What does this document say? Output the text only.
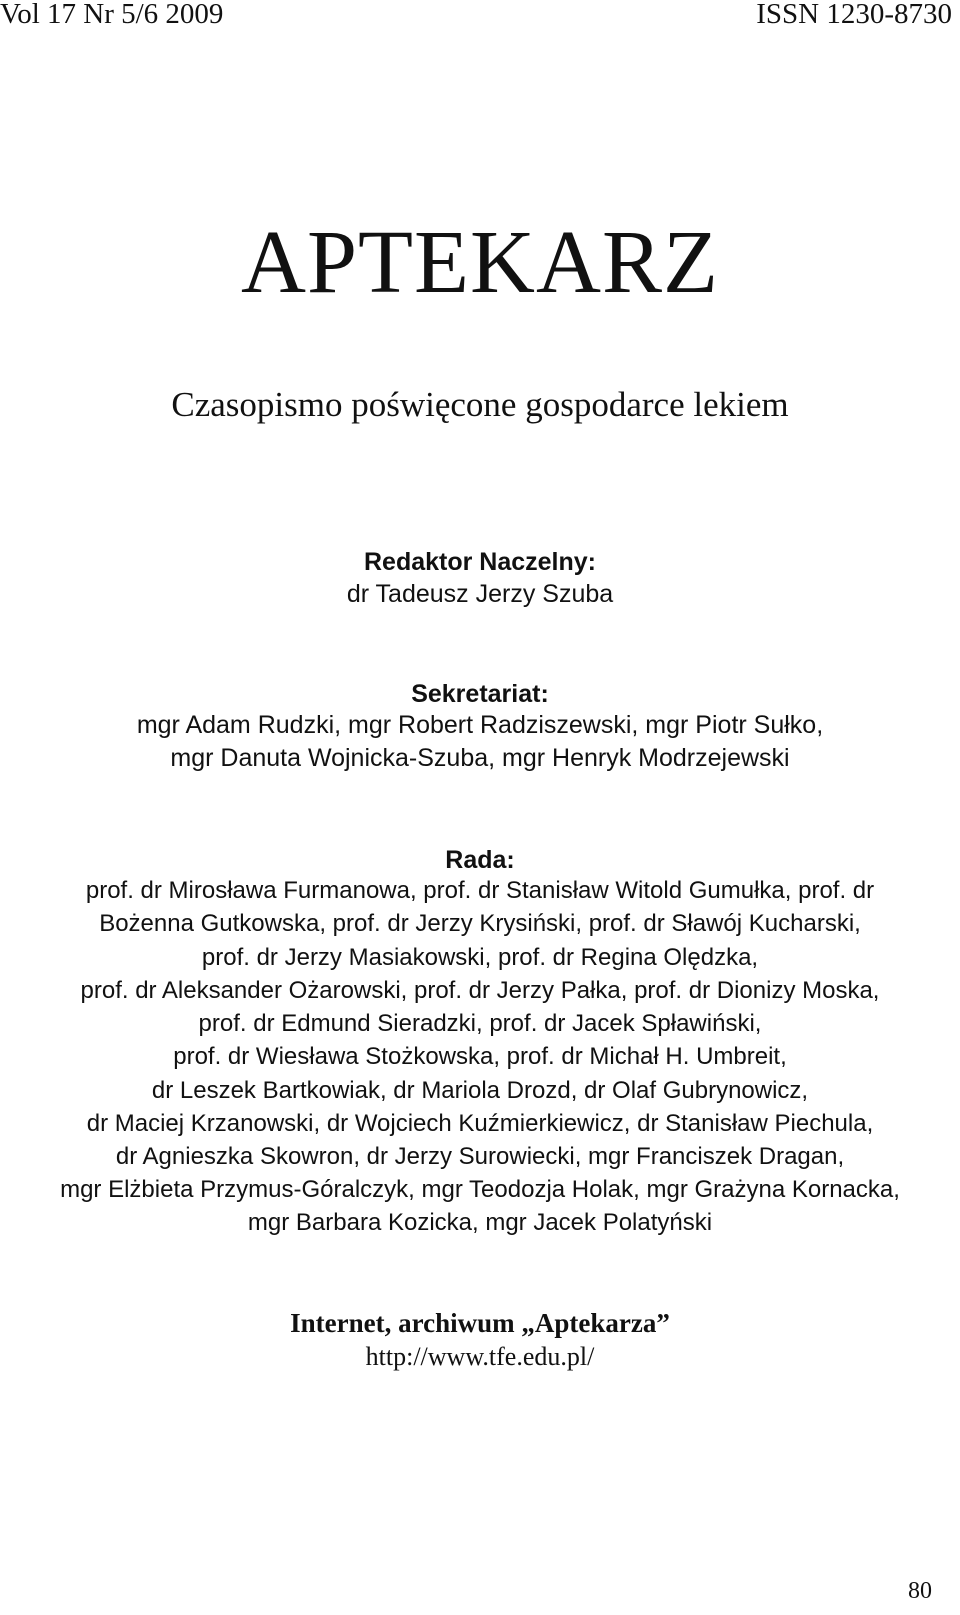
Vol 17 Nr 5/6 2009	ISSN 1230-8730
APTEKARZ
Czasopismo poświęcone gospodarce lekiem
Redaktor Naczelny:
dr Tadeusz Jerzy Szuba
Sekretariat:
mgr Adam Rudzki, mgr Robert Radziszewski, mgr Piotr Sułko,
mgr Danuta Wojnicka-Szuba, mgr Henryk Modrzejewski
Rada:
prof. dr Mirosława Furmanowa, prof. dr Stanisław Witold Gumułka, prof. dr
Bożenna Gutkowska, prof. dr Jerzy Krysiński, prof. dr Sławój Kucharski,
prof. dr Jerzy Masiakowski, prof. dr Regina Olędzka,
prof. dr Aleksander Ożarowski, prof. dr Jerzy Pałka, prof. dr Dionizy Moska,
prof. dr Edmund Sieradzki, prof. dr Jacek Spławiński,
prof. dr Wiesława Stożkowska, prof. dr Michał H. Umbreit,
dr Leszek Bartkowiak, dr Mariola Drozd, dr Olaf Gubrynowicz,
dr Maciej Krzanowski, dr Wojciech Kuźmierkiewicz, dr Stanisław Piechula,
dr Agnieszka Skowron, dr Jerzy Surowiecki, mgr Franciszek Dragan,
mgr Elżbieta Przymus-Góralczyk, mgr Teodozja Holak, mgr Grażyna Kornacka,
mgr Barbara Kozicka, mgr Jacek Polatyński
Internet, archiwum „Aptekarza”
http://www.tfe.edu.pl/
80
